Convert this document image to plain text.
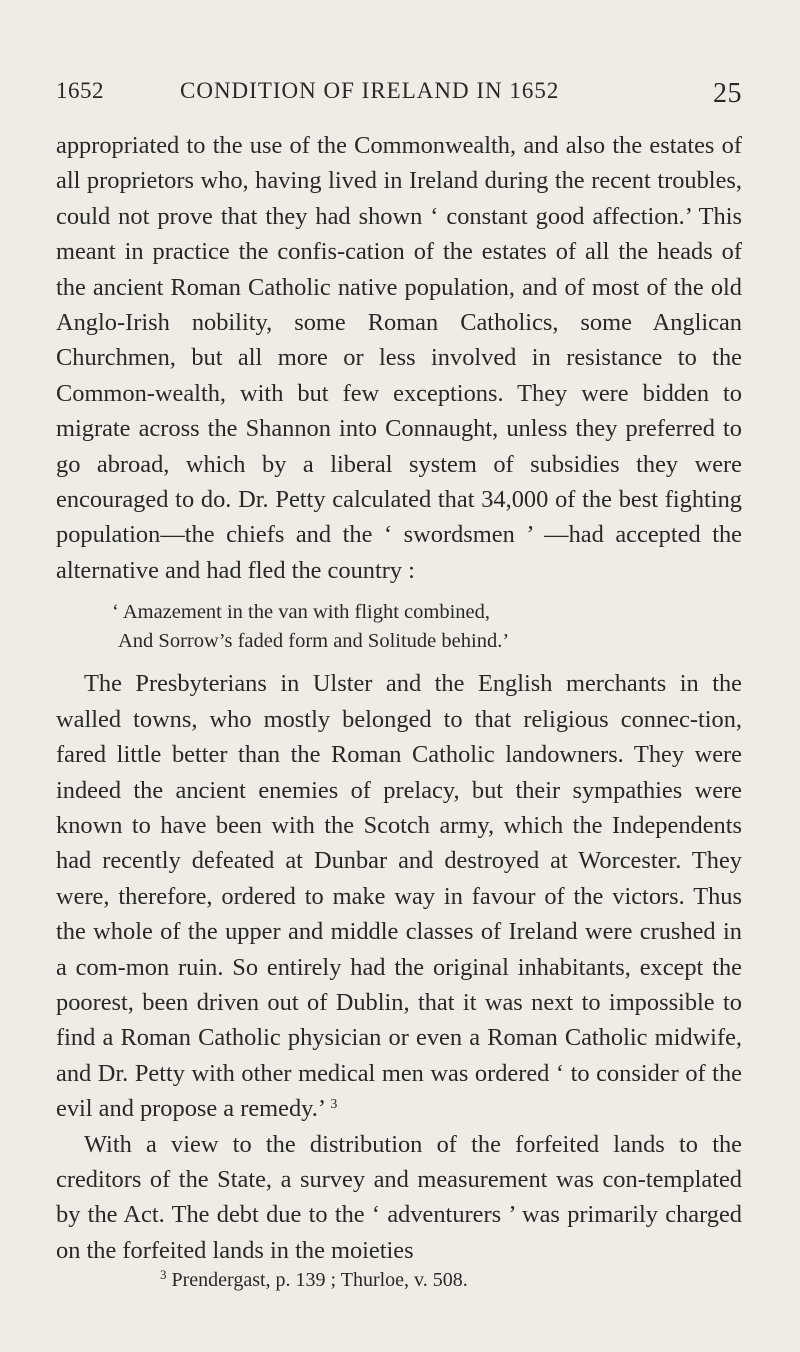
1652	CONDITION OF IRELAND IN 1652	25

appropriated to the use of the Commonwealth, and also the estates of all proprietors who, having lived in Ireland during the recent troubles, could not prove that they had shown ‘ constant good affection.’ This meant in practice the confis-cation of the estates of all the heads of the ancient Roman Catholic native population, and of most of the old Anglo-Irish nobility, some Roman Catholics, some Anglican Churchmen, but all more or less involved in resistance to the Common-wealth, with but few exceptions. They were bidden to migrate across the Shannon into Connaught, unless they preferred to go abroad, which by a liberal system of subsidies they were encouraged to do. Dr. Petty calculated that 34,000 of the best fighting population—the chiefs and the ‘ swordsmen ’ —had accepted the alternative and had fled the country :

‘ Amazement in the van with flight combined,
And Sorrow’s faded form and Solitude behind.’

The Presbyterians in Ulster and the English merchants in the walled towns, who mostly belonged to that religious connec-tion, fared little better than the Roman Catholic landowners. They were indeed the ancient enemies of prelacy, but their sympathies were known to have been with the Scotch army, which the Independents had recently defeated at Dunbar and destroyed at Worcester. They were, therefore, ordered to make way in favour of the victors. Thus the whole of the upper and middle classes of Ireland were crushed in a com-mon ruin. So entirely had the original inhabitants, except the poorest, been driven out of Dublin, that it was next to impossible to find a Roman Catholic physician or even a Roman Catholic midwife, and Dr. Petty with other medical men was ordered ‘ to consider of the evil and propose a remedy.’ $^3$

With a view to the distribution of the forfeited lands to the creditors of the State, a survey and measurement was con-templated by the Act. The debt due to the ‘ adventurers ’ was primarily charged on the forfeited lands in the moieties

$^3$ Prendergast, p. 139 ; Thurloe, v. 508.
